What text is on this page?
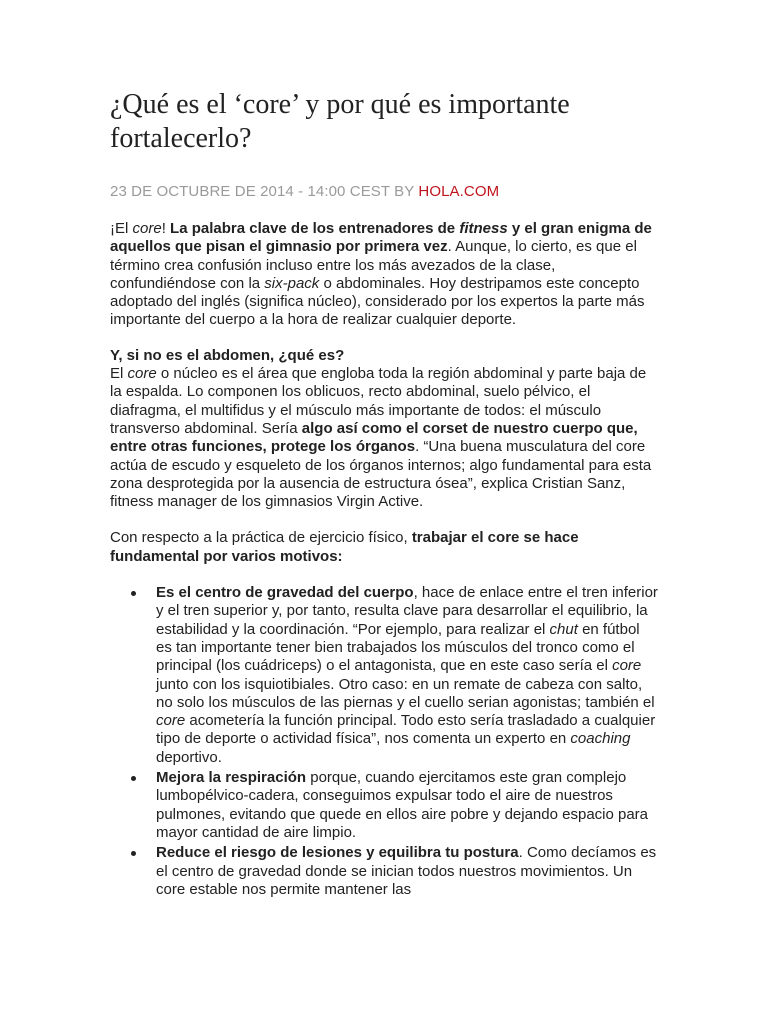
¿Qué es el ‘core’ y por qué es importante fortalecerlo?
23 DE OCTUBRE DE 2014 - 14:00 CEST BY HOLA.COM

¡El core! La palabra clave de los entrenadores de fitness y el gran enigma de aquellos que pisan el gimnasio por primera vez. Aunque, lo cierto, es que el término crea confusión incluso entre los más avezados de la clase, confundiéndose con la six-pack o abdominales. Hoy destripamos este concepto adoptado del inglés (significa núcleo), considerado por los expertos la parte más importante del cuerpo a la hora de realizar cualquier deporte.

Y, si no es el abdomen, ¿qué es?

El core o núcleo es el área que engloba toda la región abdominal y parte baja de la espalda. Lo componen los oblicuos, recto abdominal, suelo pélvico, el diafragma, el multifidus y el músculo más importante de todos: el músculo transverso abdominal. Sería algo así como el corset de nuestro cuerpo que, entre otras funciones, protege los órganos. “Una buena musculatura del core actúa de escudo y esqueleto de los órganos internos; algo fundamental para esta zona desprotegida por la ausencia de estructura ósea”, explica Cristian Sanz, fitness manager de los gimnasios Virgin Active.

Con respecto a la práctica de ejercicio físico, trabajar el core se hace fundamental por varios motivos:

Es el centro de gravedad del cuerpo, hace de enlace entre el tren inferior y el tren superior y, por tanto, resulta clave para desarrollar el equilibrio, la estabilidad y la coordinación. “Por ejemplo, para realizar el chut en fútbol es tan importante tener bien trabajados los músculos del tronco como el principal (los cuádriceps) o el antagonista, que en este caso sería el core junto con los isquiotibiales. Otro caso: en un remate de cabeza con salto, no solo los músculos de las piernas y el cuello serian agonistas; también el core acometería la función principal. Todo esto sería trasladado a cualquier tipo de deporte o actividad física”, nos comenta un experto en coaching deportivo.
Mejora la respiración porque, cuando ejercitamos este gran complejo lumbopélvico-cadera, conseguimos expulsar todo el aire de nuestros pulmones, evitando que quede en ellos aire pobre y dejando espacio para mayor cantidad de aire limpio.
Reduce el riesgo de lesiones y equilibra tu postura. Como decíamos es el centro de gravedad donde se inician todos nuestros movimientos. Un core estable nos permite mantener las
